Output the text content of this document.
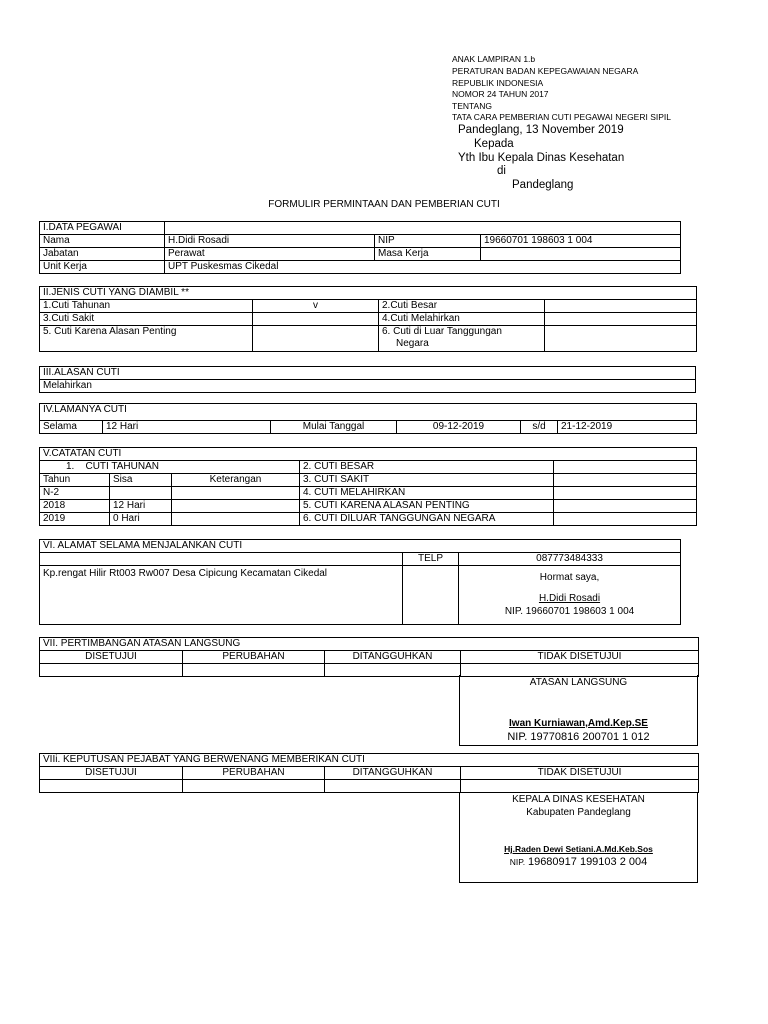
ANAK LAMPIRAN 1.b
PERATURAN BADAN KEPEGAWAIAN NEGARA
REPUBLIK INDONESIA
NOMOR 24 TAHUN 2017
TENTANG
TATA CARA PEMBERIAN CUTI PEGAWAI NEGERI SIPIL
Pandeglang, 13 November 2019
Kepada
Yth Ibu Kepala Dinas Kesehatan
di
Pandeglang
FORMULIR PERMINTAAN DAN PEMBERIAN CUTI
I.DATA PEGAWAI			
Nama	H.Didi Rosadi	NIP	19660701 198603 1 004
Jabatan	Perawat	Masa Kerja	
Unit Kerja	UPT Puskesmas Cikedal		
II.JENIS CUTI YANG DIAMBIL **			
1.Cuti Tahunan	v	2.Cuti Besar	
3.Cuti Sakit		4.Cuti Melahirkan	
5. Cuti Karena Alasan Penting		6. Cuti di Luar Tanggungan
Negara	

III.ALASAN CUTI
Melahirkan
IV.LAMANYA CUTI
Selama	12 Hari	Mulai Tanggal	09-12-2019	s/d	21-12-2019
V.CATATAN CUTI				
1. CUTI TAHUNAN			2. CUTI BESAR	
Tahun	Sisa	Keterangan	3. CUTI SAKIT	
N-2			4. CUTI MELAHIRKAN	
2018	12 Hari		5. CUTI KARENA ALASAN PENTING	
2019	0 Hari		6. CUTI DILUAR TANGGUNGAN NEGARA	
VI. ALAMAT SELAMA MENJALANKAN CUTI		
	TELP	087773484333
Kp.rengat Hilir Rt003 Rw007 Desa Cipicung Kecamatan Cikedal		Hormat saya,
H.Didi Rosadi
NIP. 19660701 198603 1 004
VII. PERTIMBANGAN ATASAN LANGSUNG			
DISETUJUI	PERUBAHAN	DITANGGUHKAN	TIDAK DISETUJUI

ATASAN LANGSUNG
Iwan Kurniawan,Amd.Kep.SE
NIP. 19770816 200701 1 012
VIIi. KEPUTUSAN PEJABAT YANG BERWENANG MEMBERIKAN CUTI			
DISETUJUI	PERUBAHAN	DITANGGUHKAN	TIDAK DISETUJUI

KEPALA DINAS KESEHATAN
Kabupaten Pandeglang
Hj.Raden Dewi Setiani.A.Md.Keb.Sos
NIP. 19680917 199103 2 004
